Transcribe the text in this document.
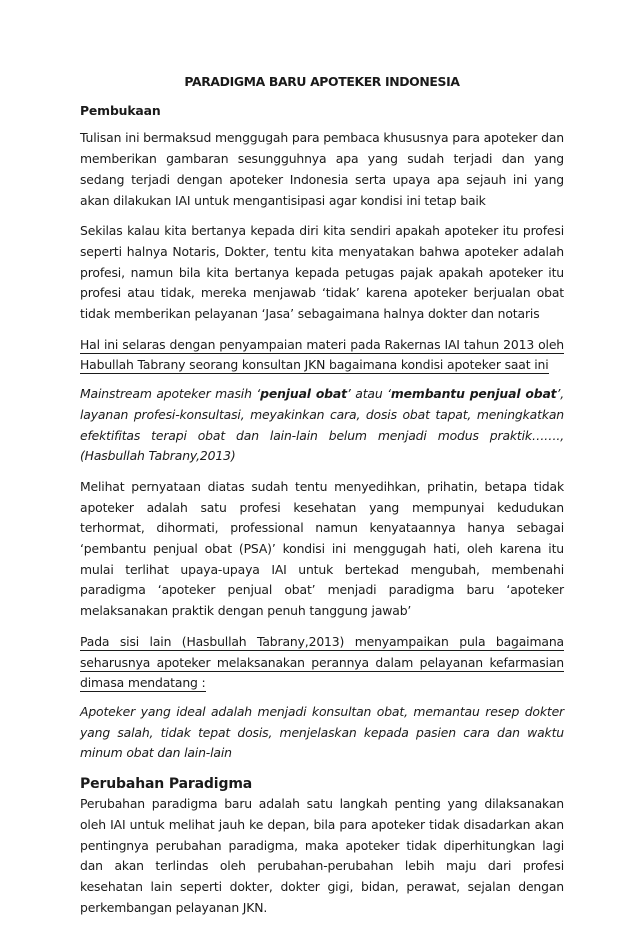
PARADIGMA BARU APOTEKER INDONESIA
Pembukaan

Tulisan ini bermaksud menggugah para pembaca khususnya para apoteker dan memberikan gambaran sesungguhnya apa yang sudah terjadi dan yang sedang terjadi dengan apoteker Indonesia serta upaya apa sejauh ini yang akan dilakukan IAI untuk mengantisipasi agar kondisi ini tetap baik

Sekilas kalau kita bertanya kepada diri kita sendiri apakah apoteker itu profesi seperti halnya Notaris, Dokter, tentu kita menyatakan bahwa apoteker adalah profesi, namun bila kita bertanya kepada petugas pajak apakah apoteker itu profesi atau tidak, mereka menjawab ‘tidak’ karena apoteker berjualan obat tidak memberikan pelayanan ‘Jasa’ sebagaimana halnya dokter dan notaris

Hal ini selaras dengan penyampaian materi pada Rakernas IAI tahun 2013 oleh Habullah Tabrany seorang konsultan JKN bagaimana kondisi apoteker saat ini

Mainstream apoteker masih ‘penjual obat’ atau ‘membantu penjual obat’, layanan profesi-konsultasi, meyakinkan cara, dosis obat tapat, meningkatkan efektifitas terapi obat dan lain-lain belum menjadi modus praktik……., (Hasbullah Tabrany,2013)

Melihat pernyataan diatas sudah tentu menyedihkan, prihatin, betapa tidak apoteker adalah satu profesi kesehatan yang mempunyai kedudukan terhormat, dihormati, professional namun kenyataannya hanya sebagai ‘pembantu penjual obat (PSA)’ kondisi ini menggugah hati, oleh karena itu mulai terlihat upaya-upaya IAI untuk bertekad mengubah, membenahi paradigma ‘apoteker penjual obat’ menjadi paradigma baru ‘apoteker melaksanakan praktik dengan penuh tanggung jawab’

Pada sisi lain (Hasbullah Tabrany,2013) menyampaikan pula bagaimana seharusnya apoteker melaksanakan perannya dalam pelayanan kefarmasian dimasa mendatang :

Apoteker yang ideal adalah menjadi konsultan obat, memantau resep dokter yang salah, tidak tepat dosis, menjelaskan kepada pasien cara dan waktu minum obat dan lain-lain

Perubahan Paradigma

Perubahan paradigma baru adalah satu langkah penting yang dilaksanakan oleh IAI untuk melihat jauh ke depan, bila para apoteker tidak disadarkan akan pentingnya perubahan paradigma, maka apoteker tidak diperhitungkan lagi dan akan terlindas oleh perubahan-perubahan lebih maju dari profesi kesehatan lain seperti dokter, dokter gigi, bidan, perawat, sejalan dengan perkembangan pelayanan JKN.
